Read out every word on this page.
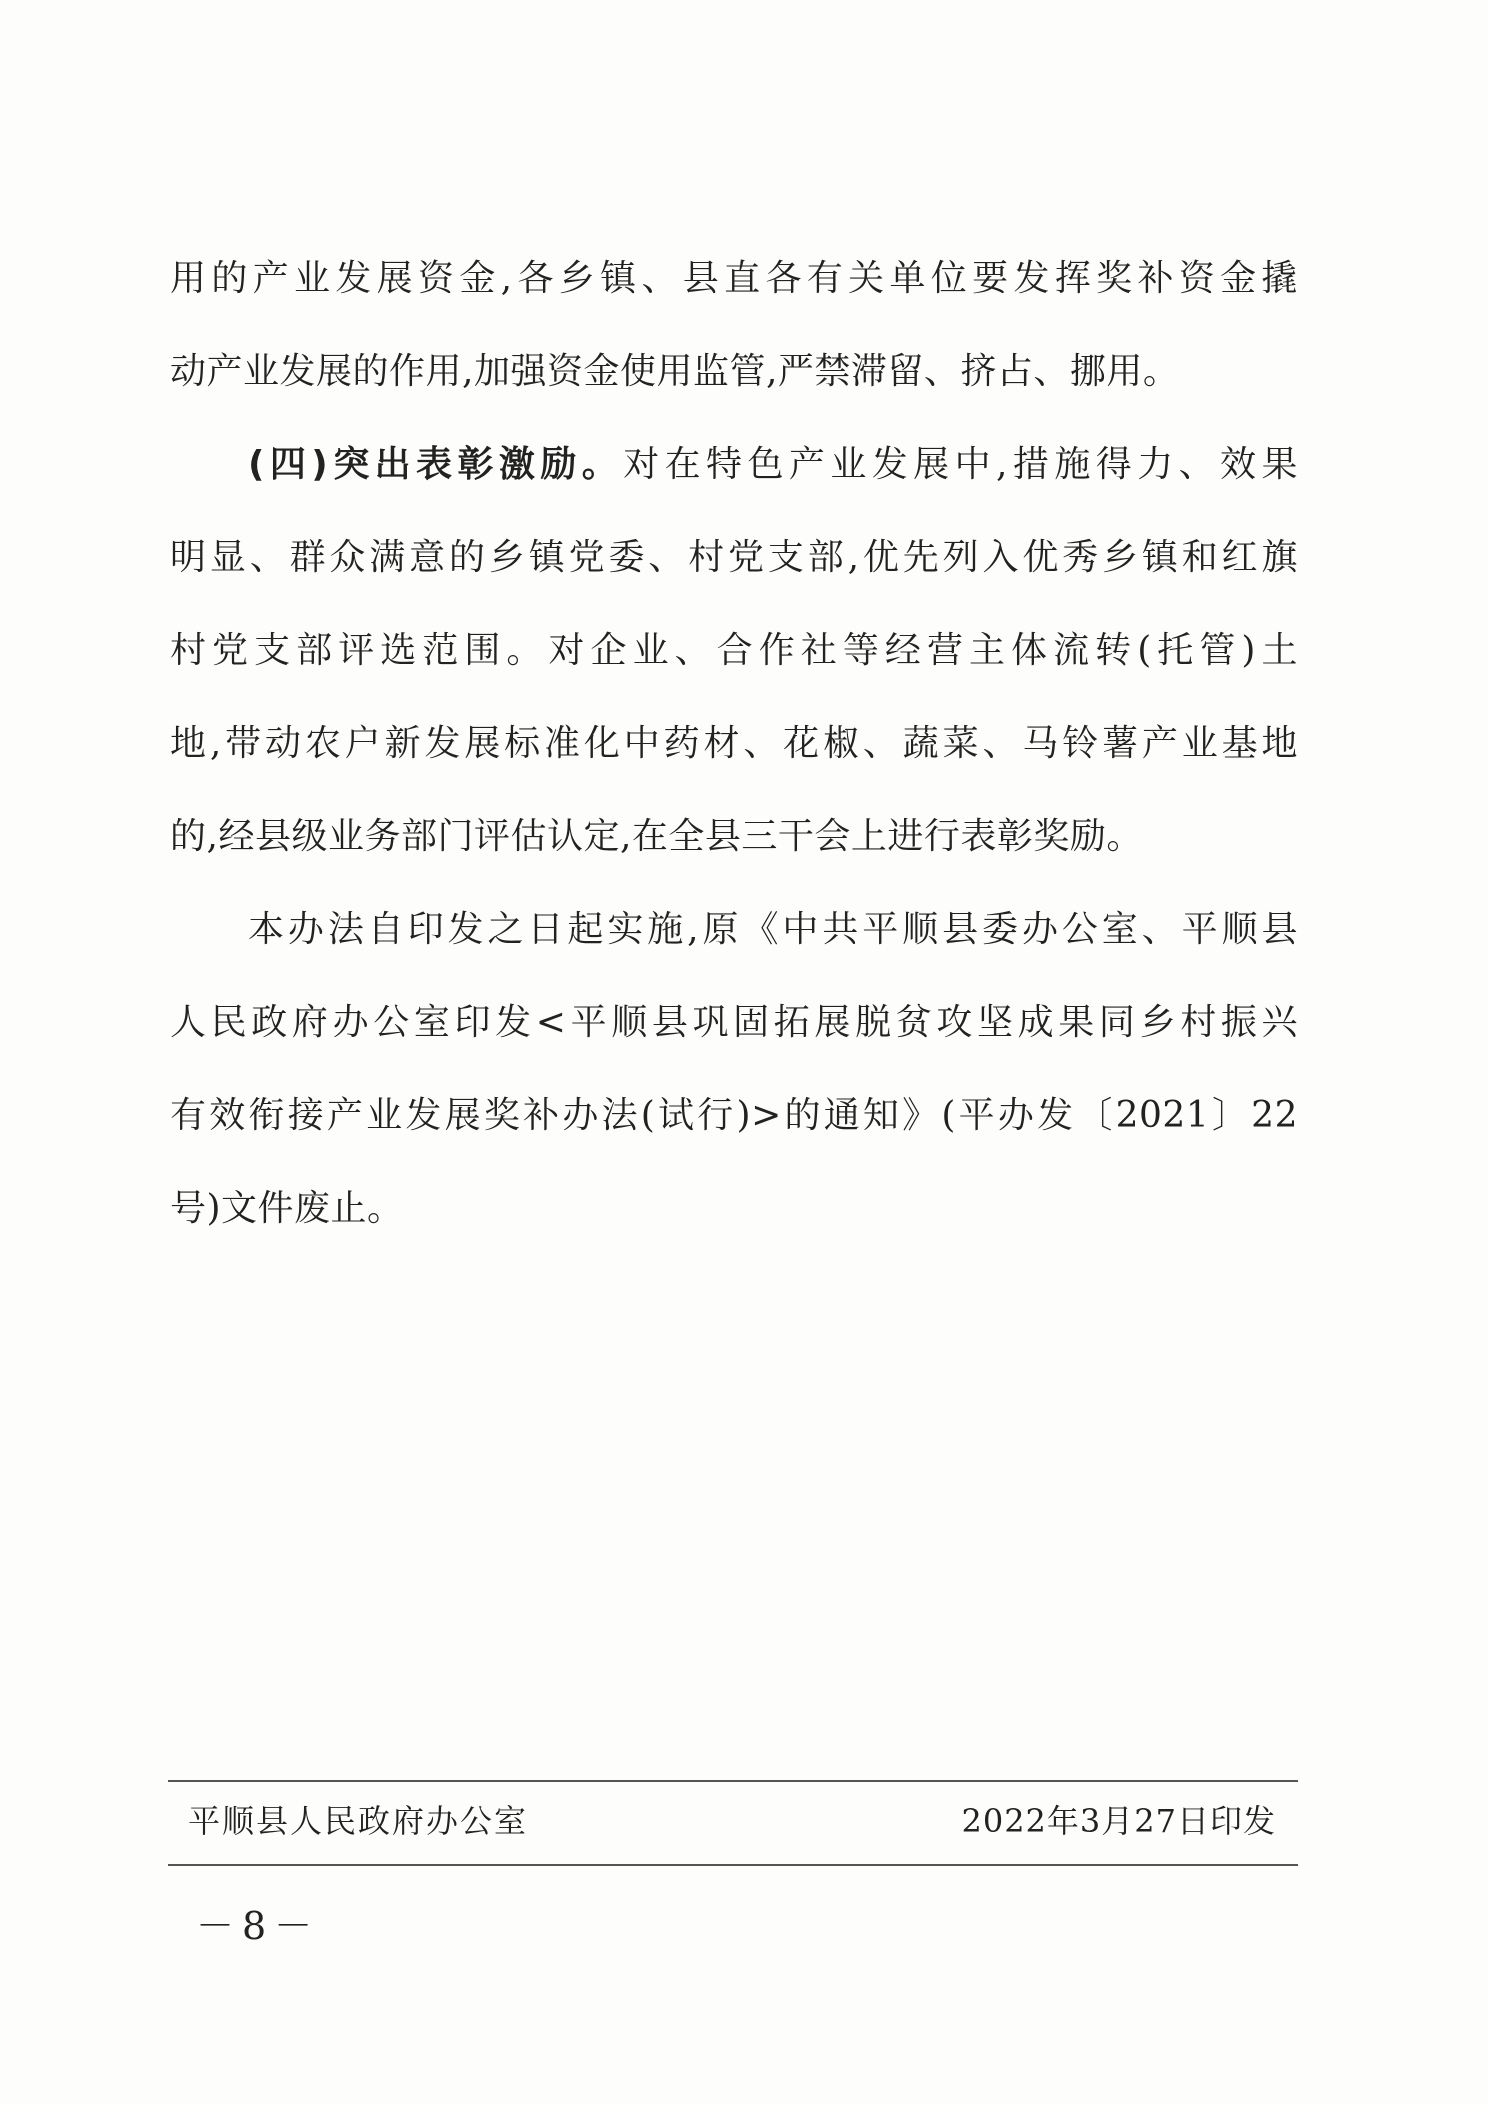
用的产业发展资金,各乡镇、县直各有关单位要发挥奖补资金撬
动产业发展的作用,加强资金使用监管,严禁滞留、挤占、挪用。
(四)突出表彰激励。对在特色产业发展中,措施得力、效果
明显、群众满意的乡镇党委、村党支部,优先列入优秀乡镇和红旗
村党支部评选范围。对企业、合作社等经营主体流转(托管)土
地,带动农户新发展标准化中药材、花椒、蔬菜、马铃薯产业基地
的,经县级业务部门评估认定,在全县三干会上进行表彰奖励。
本办法自印发之日起实施,原《中共平顺县委办公室、平顺县
人民政府办公室印发<平顺县巩固拓展脱贫攻坚成果同乡村振兴
有效衔接产业发展奖补办法(试行)>的通知》(平办发〔2021〕22
号)文件废止。
平顺县人民政府办公室	2022年3月27日印发
－8－
